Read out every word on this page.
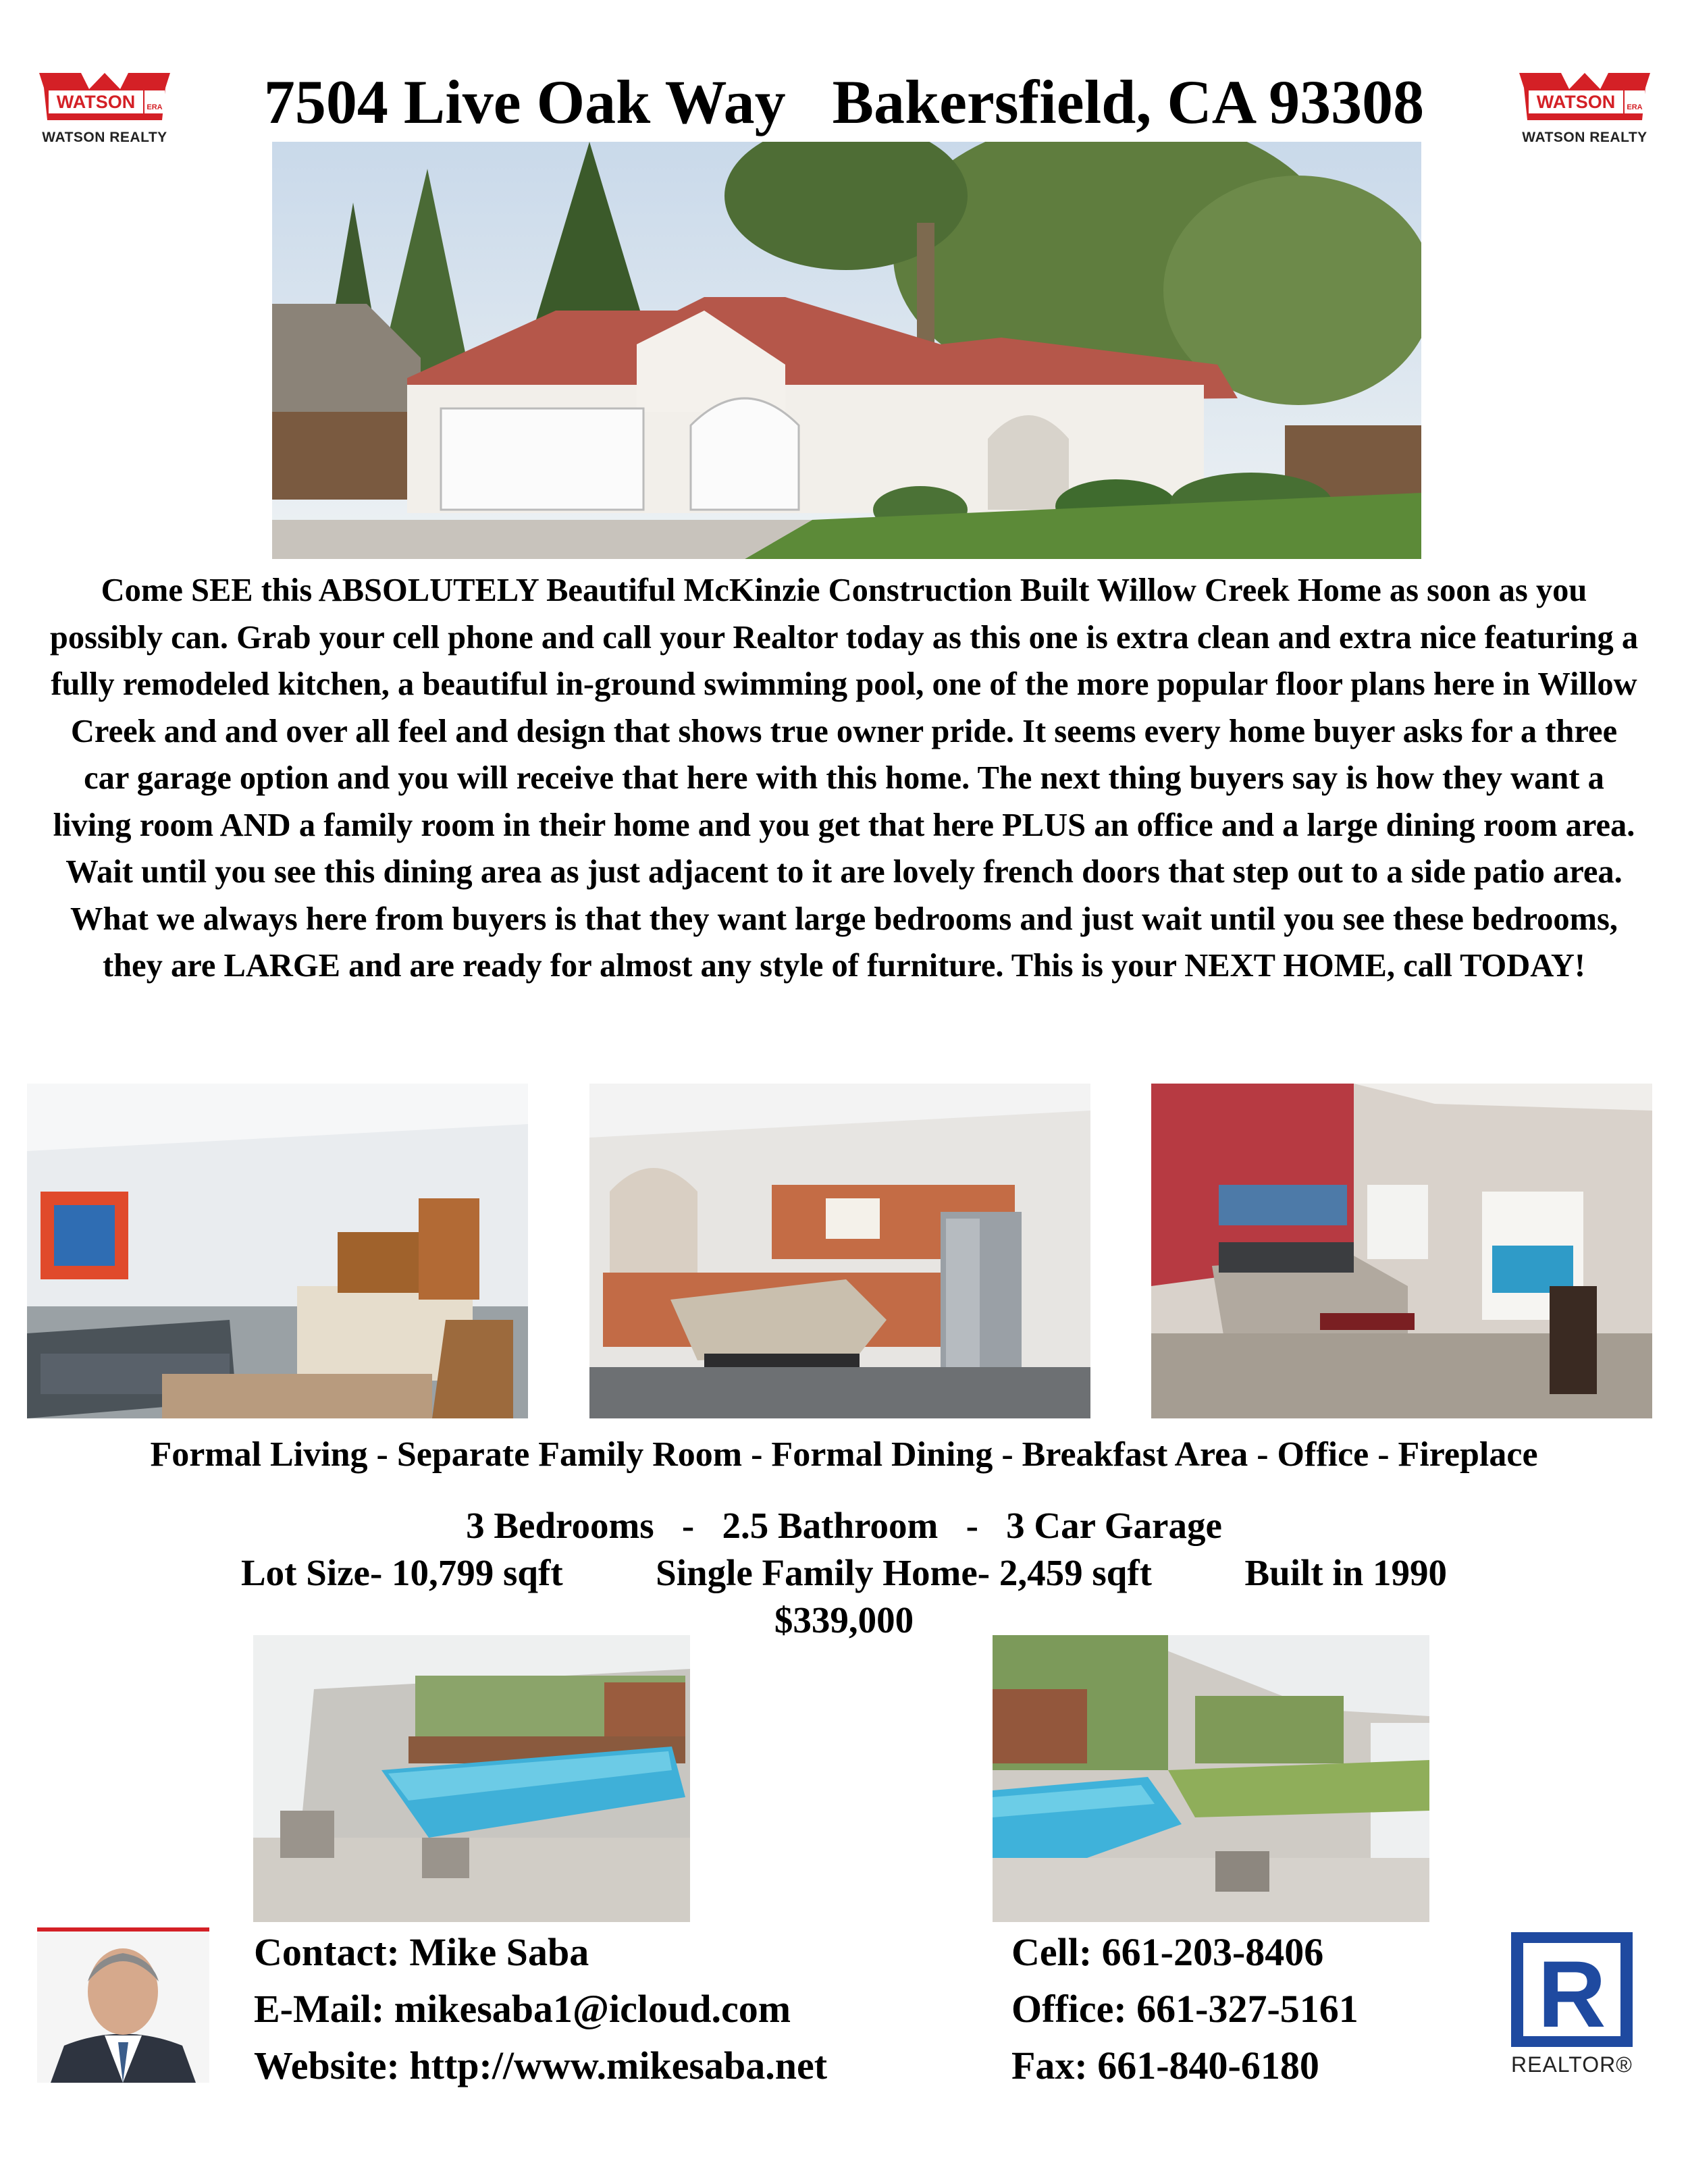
WATSON ERA
WATSON REALTY
WATSON ERA
WATSON REALTY
7504 Live Oak Way   Bakersfield, CA 93308
Come SEE this ABSOLUTELY Beautiful McKinzie Construction Built Willow Creek Home as soon as you possibly can. Grab your cell phone and call your Realtor today as this one is extra clean and extra nice featuring a fully remodeled kitchen, a beautiful in-ground swimming pool, one of the more popular floor plans here in Willow Creek and and over all feel and design that shows true owner pride. It seems every home buyer asks for a three car garage option and you will receive that here with this home. The next thing buyers say is how they want a living room AND a family room in their home and you get that here PLUS an office and a large dining room area. Wait until you see this dining area as just adjacent to it are lovely french doors that step out to a side patio area. What we always here from buyers is that they want large bedrooms and just wait until you see these bedrooms, they are LARGE and are ready for almost any style of furniture. This is your NEXT HOME, call TODAY!
Formal Living - Separate Family Room - Formal Dining - Breakfast Area - Office - Fireplace
3 Bedrooms   -   2.5 Bathroom   -   3 Car Garage
Lot Size- 10,799 sqft          Single Family Home- 2,459 sqft          Built in 1990
$339,000
Contact: Mike Saba
E-Mail: mikesaba1@icloud.com
Website: http://www.mikesaba.net
Cell: 661-203-8406
Office: 661-327-5161
Fax: 661-840-6180
R
REALTOR®
